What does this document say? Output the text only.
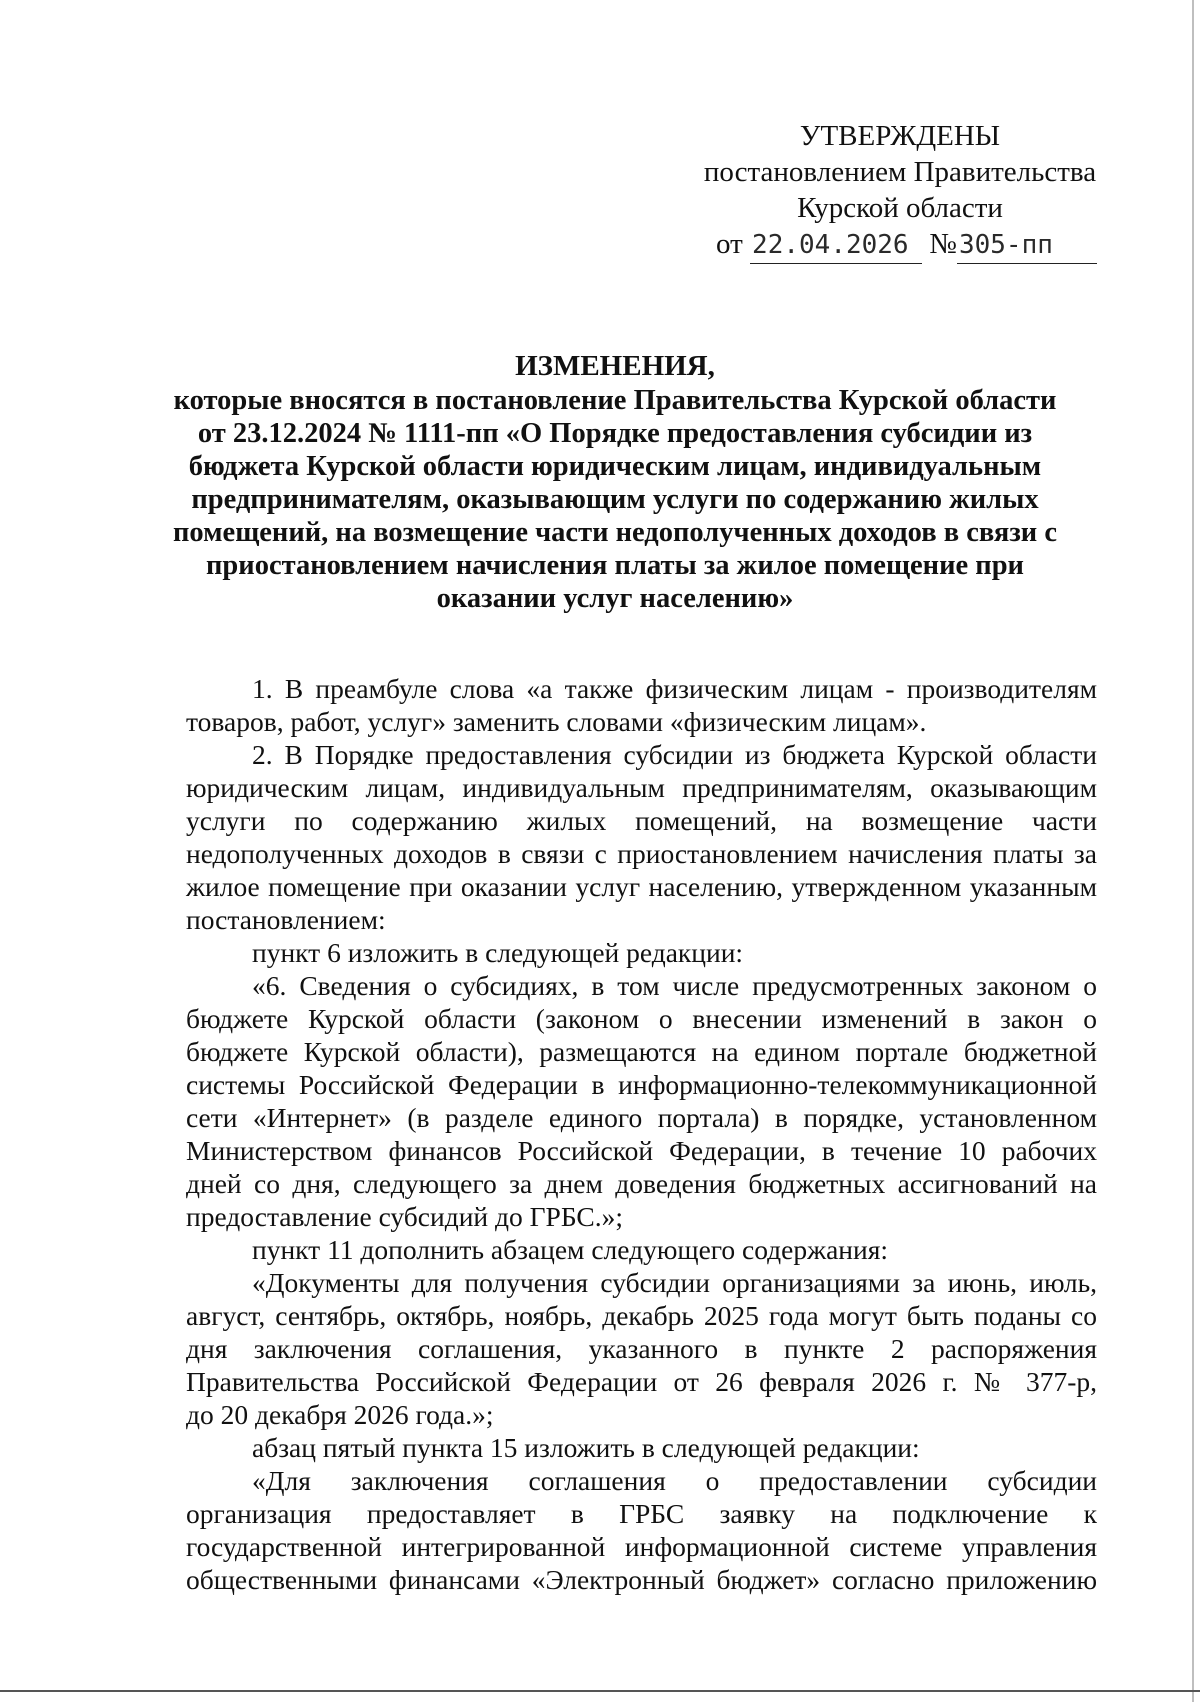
УТВЕРЖДЕНЫ
постановлением Правительства
Курской области
от 22.04.2026 №305-пп
ИЗМЕНЕНИЯ,
которые вносятся в постановление Правительства Курской области
от 23.12.2024 № 1111-пп «О Порядке предоставления субсидии из
бюджета Курской области юридическим лицам, индивидуальным
предпринимателям, оказывающим услуги по содержанию жилых
помещений, на возмещение части недополученных доходов в связи с
приостановлением начисления платы за жилое помещение при
оказании услуг населению»
1. В преамбуле слова «а также физическим лицам - производителям
товаров, работ, услуг» заменить словами «физическим лицам».
2. В Порядке предоставления субсидии из бюджета Курской области
юридическим лицам, индивидуальным предпринимателям, оказывающим
услуги по содержанию жилых помещений, на возмещение части
недополученных доходов в связи с приостановлением начисления платы за
жилое помещение при оказании услуг населению, утвержденном указанным
постановлением:
пункт 6 изложить в следующей редакции:
«6. Сведения о субсидиях, в том числе предусмотренных законом о
бюджете Курской области (законом о внесении изменений в закон о
бюджете Курской области), размещаются на едином портале бюджетной
системы Российской Федерации в информационно-телекоммуникационной
сети «Интернет» (в разделе единого портала) в порядке, установленном
Министерством финансов Российской Федерации, в течение 10 рабочих
дней со дня, следующего за днем доведения бюджетных ассигнований на
предоставление субсидий до ГРБС.»;
пункт 11 дополнить абзацем следующего содержания:
«Документы для получения субсидии организациями за июнь, июль,
август, сентябрь, октябрь, ноябрь, декабрь 2025 года могут быть поданы со
дня заключения соглашения, указанного в пункте 2 распоряжения
Правительства Российской Федерации от 26 февраля 2026 г. № 377-р,
до 20 декабря 2026 года.»;
абзац пятый пункта 15 изложить в следующей редакции:
«Для заключения соглашения о предоставлении субсидии
организация предоставляет в ГРБС заявку на подключение к
государственной интегрированной информационной системе управления
общественными финансами «Электронный бюджет» согласно приложению
